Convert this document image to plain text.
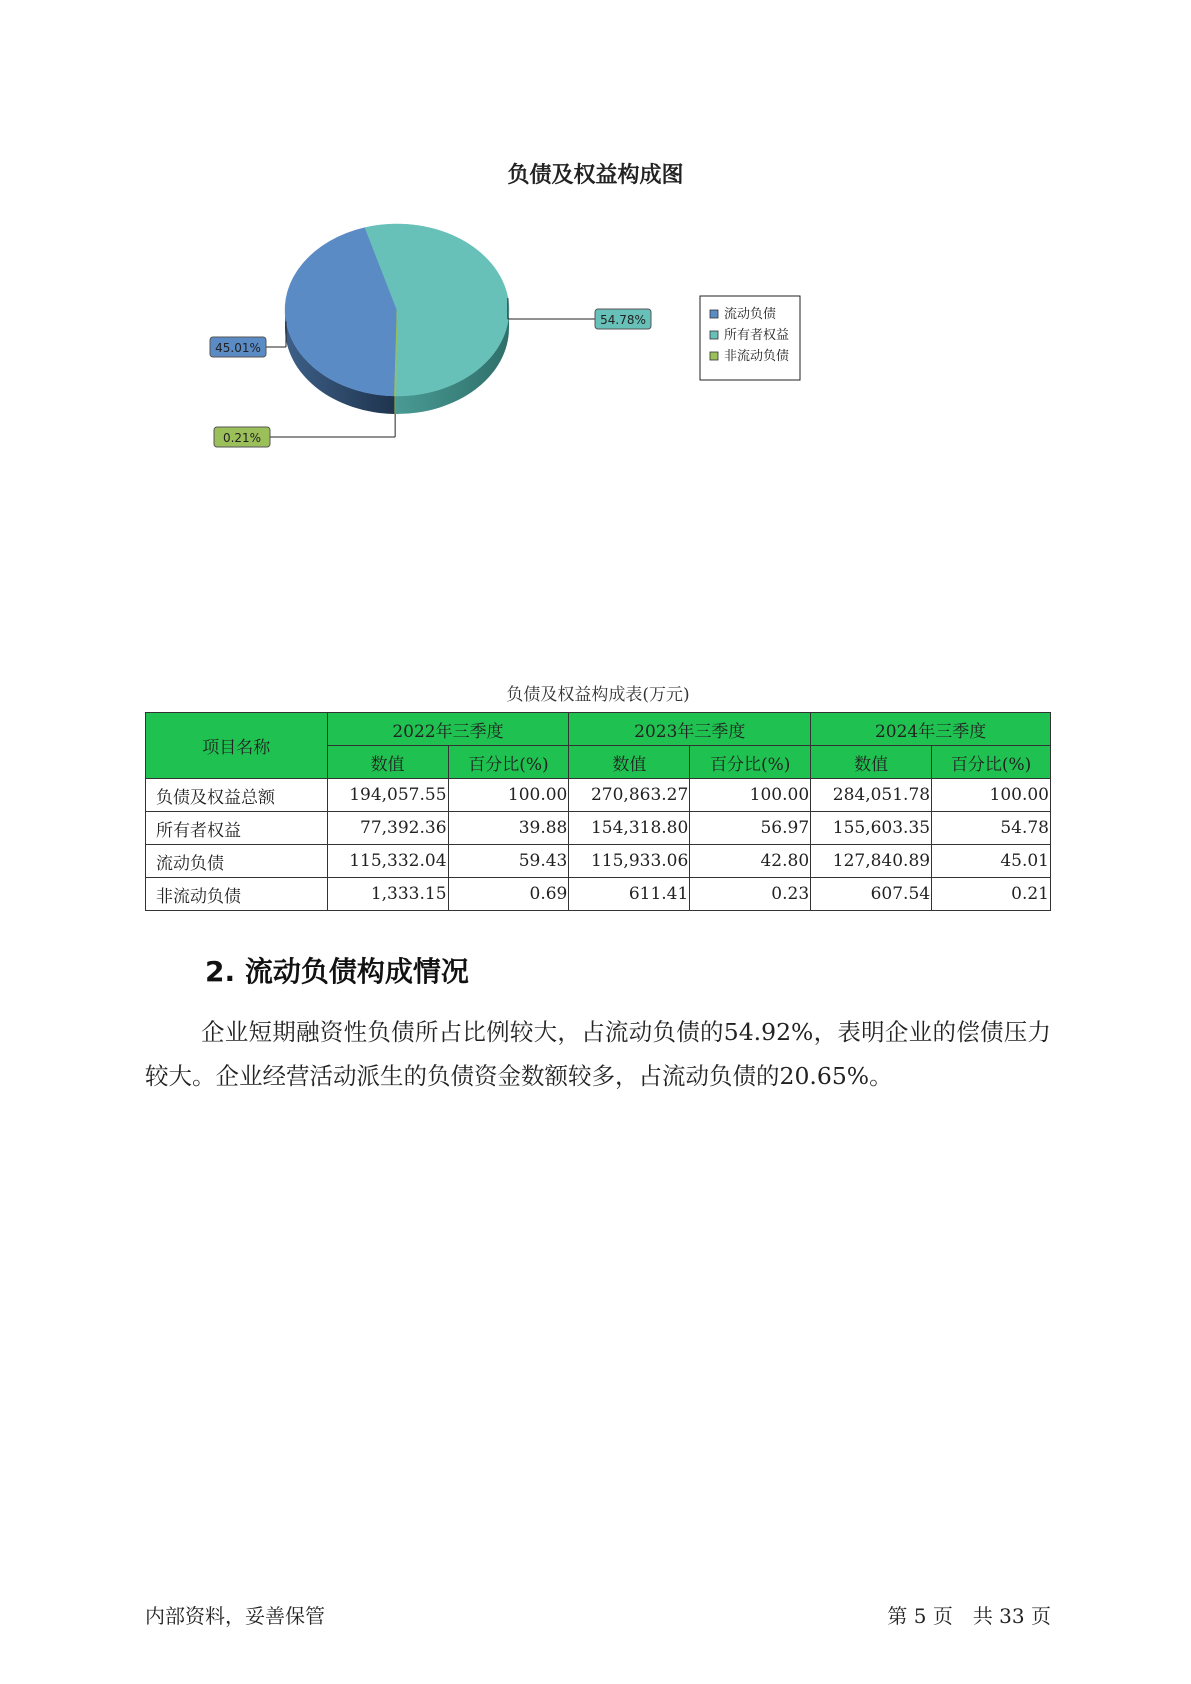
负债及权益构成图
45.01%
54.78%
0.21%
流动负债
所有者权益
非流动负债
负债及权益构成表(万元)
项目名称	2022年三季度		2023年三季度		2024年三季度	
	数值	百分比(%)	数值	百分比(%)	数值	百分比(%)
负债及权益总额	194,057.55	100.00	270,863.27	100.00	284,051.78	100.00
所有者权益	77,392.36	39.88	154,318.80	56.97	155,603.35	54.78
流动负债	115,332.04	59.43	115,933.06	42.80	127,840.89	45.01
非流动负债	1,333.15	0.69	611.41	0.23	607.54	0.21
2. 流动负债构成情况

企业短期融资性负债所占比例较大，占流动负债的54.92%，表明企业的偿债压力较大。企业经营活动派生的负债资金数额较多，占流动负债的20.65%。

内部资料，妥善保管	第 5 页　共 33 页
